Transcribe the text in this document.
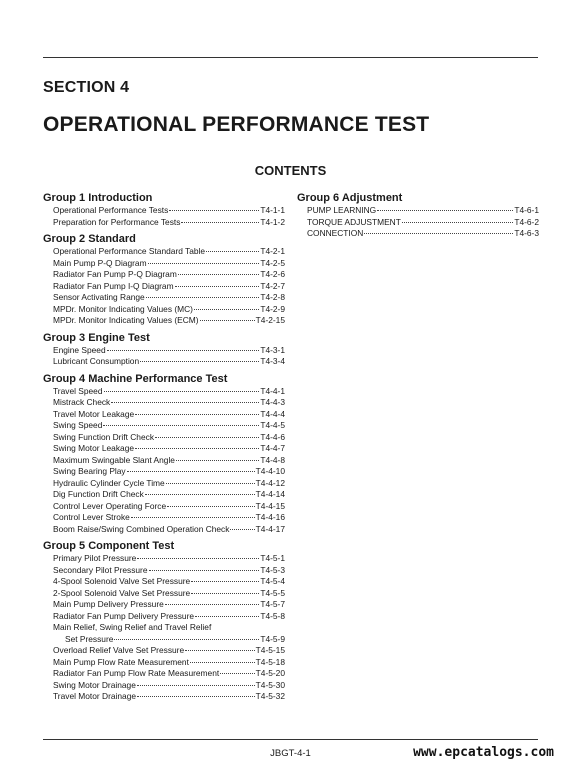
SECTION 4
OPERATIONAL PERFORMANCE TEST
CONTENTS
Group 1 Introduction
Operational Performance Tests	T4-1-1
Preparation for Performance Tests	T4-1-2
Group 2 Standard
Operational Performance Standard Table	T4-2-1
Main Pump P-Q Diagram	T4-2-5
Radiator Fan Pump P-Q Diagram	T4-2-6
Radiator Fan Pump I-Q Diagram	T4-2-7
Sensor Activating Range	T4-2-8
MPDr. Monitor Indicating Values (MC)	T4-2-9
MPDr. Monitor Indicating Values (ECM)	T4-2-15
Group 3 Engine Test
Engine Speed	T4-3-1
Lubricant Consumption	T4-3-4
Group 4 Machine Performance Test
Travel Speed	T4-4-1
Mistrack Check	T4-4-3
Travel Motor Leakage	T4-4-4
Swing Speed	T4-4-5
Swing Function Drift Check	T4-4-6
Swing Motor Leakage	T4-4-7
Maximum Swingable Slant Angle	T4-4-8
Swing Bearing Play	T4-4-10
Hydraulic Cylinder Cycle Time	T4-4-12
Dig Function Drift Check	T4-4-14
Control Lever Operating Force	T4-4-15
Control Lever Stroke	T4-4-16
Boom Raise/Swing Combined Operation Check	T4-4-17
Group 5 Component Test
Primary Pilot Pressure	T4-5-1
Secondary Pilot Pressure	T4-5-3
4-Spool Solenoid Valve Set Pressure	T4-5-4
2-Spool Solenoid Valve Set Pressure	T4-5-5
Main Pump Delivery Pressure	T4-5-7
Radiator Fan Pump Delivery Pressure	T4-5-8
Main Relief, Swing Relief and Travel Relief
Set Pressure	T4-5-9
Overload Relief Valve Set Pressure	T4-5-15
Main Pump Flow Rate Measurement	T4-5-18
Radiator Fan Pump Flow Rate Measurement	T4-5-20
Swing Motor Drainage	T4-5-30
Travel Motor Drainage	T4-5-32
Group 6 Adjustment
PUMP LEARNING	T4-6-1
TORQUE ADJUSTMENT	T4-6-2
CONNECTION	T4-6-3
JBGT-4-1	www.epcatalogs.com
